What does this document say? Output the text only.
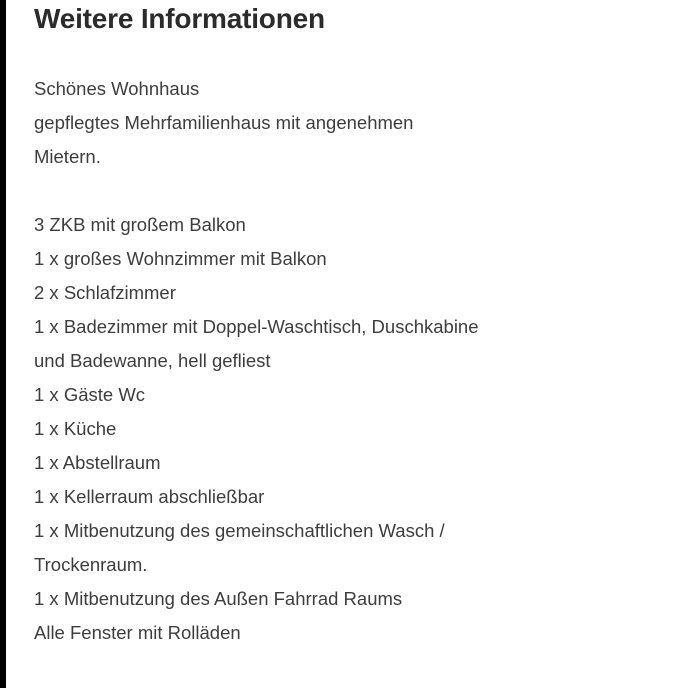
Weitere Informationen
Schönes Wohnhaus
gepflegtes Mehrfamilienhaus mit angenehmen
Mietern.
3 ZKB mit großem Balkon
1 x großes Wohnzimmer mit Balkon
2 x Schlafzimmer
1 x Badezimmer mit Doppel-Waschtisch, Duschkabine
und Badewanne, hell gefliest
1 x Gäste Wc
1 x Küche
1 x Abstellraum
1 x Kellerraum abschließbar
1 x Mitbenutzung des gemeinschaftlichen Wasch /
Trockenraum.
1 x Mitbenutzung des Außen Fahrrad Raums
Alle Fenster mit Rolläden
